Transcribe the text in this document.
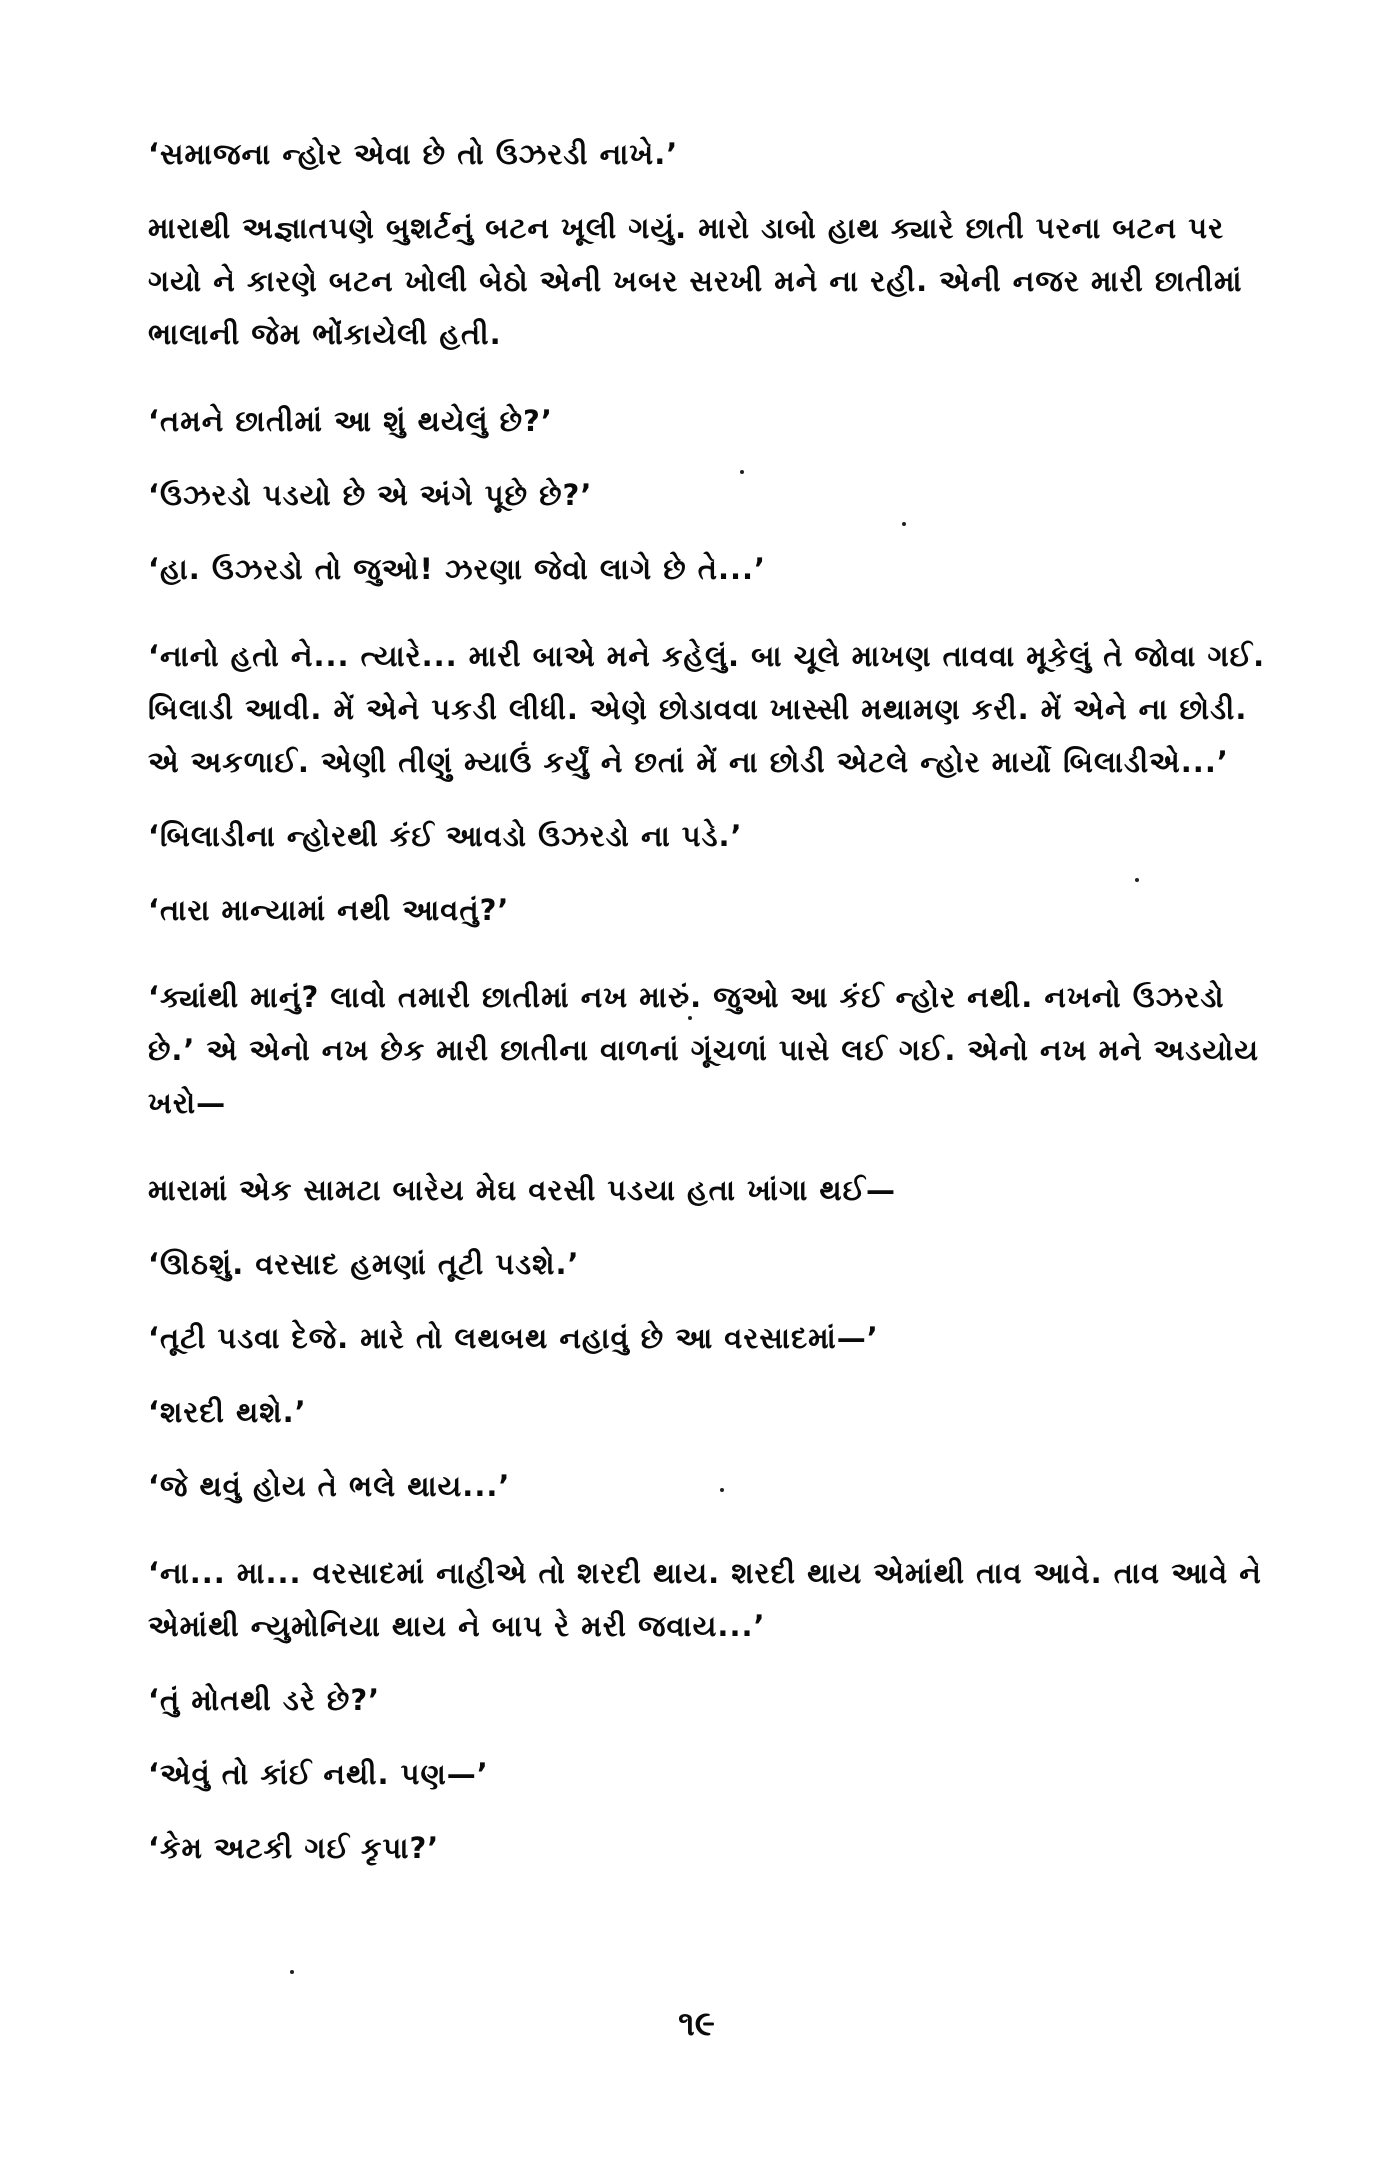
‘સમાજના ન્હોર એવા છે તો ઉઝરડી નાખે.’

મારાથી અજ્ઞાતપણે બુશર્ટનું બટન ખૂલી ગયું. મારો ડાબો હાથ ક્યારે છાતી પરના બટન પર ગયો ને કારણે બટન ખોલી બેઠો એની ખબર સરખી મને ના રહી. એની નજર મારી છાતીમાં ભાલાની જેમ ભોંકાયેલી હતી.

‘તમને છાતીમાં આ શું થયેલું છે?’

‘ઉઝરડો પડયો છે એ અંગે પૂછે છે?’

‘હા. ઉઝરડો તો જુઓ! ઝરણા જેવો લાગે છે તે...’

‘નાનો હતો ને... ત્યારે... મારી બાએ મને કહેલું. બા ચૂલે માખણ તાવવા મૂકેલું તે જોવા ગઈ. બિલાડી આવી. મેં એને પકડી લીધી. એણે છોડાવવા ખાસ્સી મથામણ કરી. મેં એને ના છોડી. એ અકળાઈ. એણી તીણું મ્યાઉં કર્યું ને છતાં મેં ના છોડી એટલે ન્હોર માર્યો બિલાડીએ...’

‘બિલાડીના ન્હોરથી કંઈ આવડો ઉઝરડો ના પડે.’

‘તારા માન્યામાં નથી આવતું?’

‘ક્યાંથી માનું? લાવો તમારી છાતીમાં નખ મારું. જુઓ આ કંઈ ન્હોર નથી. નખનો ઉઝરડો છે.’ એ એનો નખ છેક મારી છાતીના વાળનાં ગૂંચળાં પાસે લઈ ગઈ. એનો નખ મને અડયોય ખરો—

મારામાં એક સામટા બારેય મેઘ વરસી પડયા હતા ખાંગા થઈ—

‘ઊઠશું. વરસાદ હમણાં તૂટી પડશે.’

‘તૂટી પડવા દેજે. મારે તો લથબથ નહાવું છે આ વરસાદમાં—’

‘શરદી થશે.’

‘જે થવું હોય તે ભલે થાય...’

‘ના... મા... વરસાદમાં નાહીએ તો શરદી થાય. શરદી થાય એમાંથી તાવ આવે. તાવ આવે ને એમાંથી ન્યુમોનિયા થાય ને બાપ રે મરી જવાય...’

‘તું મોતથી ડરે છે?’

‘એવું તો કાંઈ નથી. પણ—’

‘કેમ અટકી ગઈ કૃપા?’

૧૯
